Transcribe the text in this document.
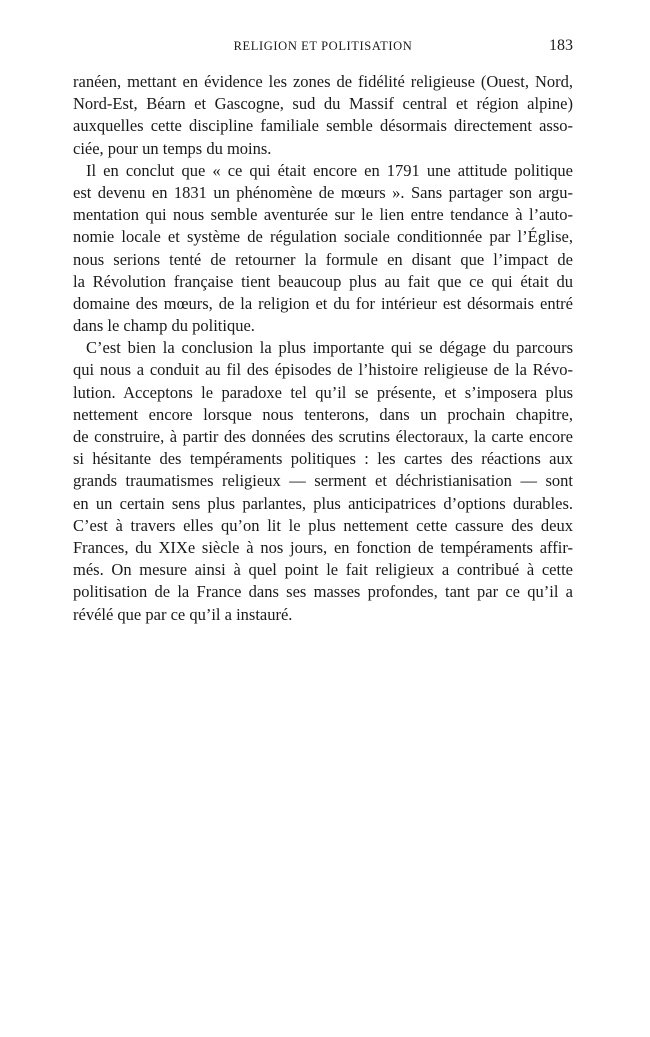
RELIGION ET POLITISATION	183
ranéen, mettant en évidence les zones de fidélité religieuse (Ouest, Nord,
Nord-Est, Béarn et Gascogne, sud du Massif central et région alpine)
auxquelles cette discipline familiale semble désormais directement asso-
ciée, pour un temps du moins.
Il en conclut que « ce qui était encore en 1791 une attitude politique
est devenu en 1831 un phénomène de mœurs ». Sans partager son argu-
mentation qui nous semble aventurée sur le lien entre tendance à l’auto-
nomie locale et système de régulation sociale conditionnée par l’Église,
nous serions tenté de retourner la formule en disant que l’impact de
la Révolution française tient beaucoup plus au fait que ce qui était du
domaine des mœurs, de la religion et du for intérieur est désormais entré
dans le champ du politique.
C’est bien la conclusion la plus importante qui se dégage du parcours
qui nous a conduit au fil des épisodes de l’histoire religieuse de la Révo-
lution. Acceptons le paradoxe tel qu’il se présente, et s’imposera plus
nettement encore lorsque nous tenterons, dans un prochain chapitre,
de construire, à partir des données des scrutins électoraux, la carte encore
si hésitante des tempéraments politiques : les cartes des réactions aux
grands traumatismes religieux — serment et déchristianisation — sont
en un certain sens plus parlantes, plus anticipatrices d’options durables.
C’est à travers elles qu’on lit le plus nettement cette cassure des deux
Frances, du XIXe siècle à nos jours, en fonction de tempéraments affir-
més. On mesure ainsi à quel point le fait religieux a contribué à cette
politisation de la France dans ses masses profondes, tant par ce qu’il a
révélé que par ce qu’il a instauré.
